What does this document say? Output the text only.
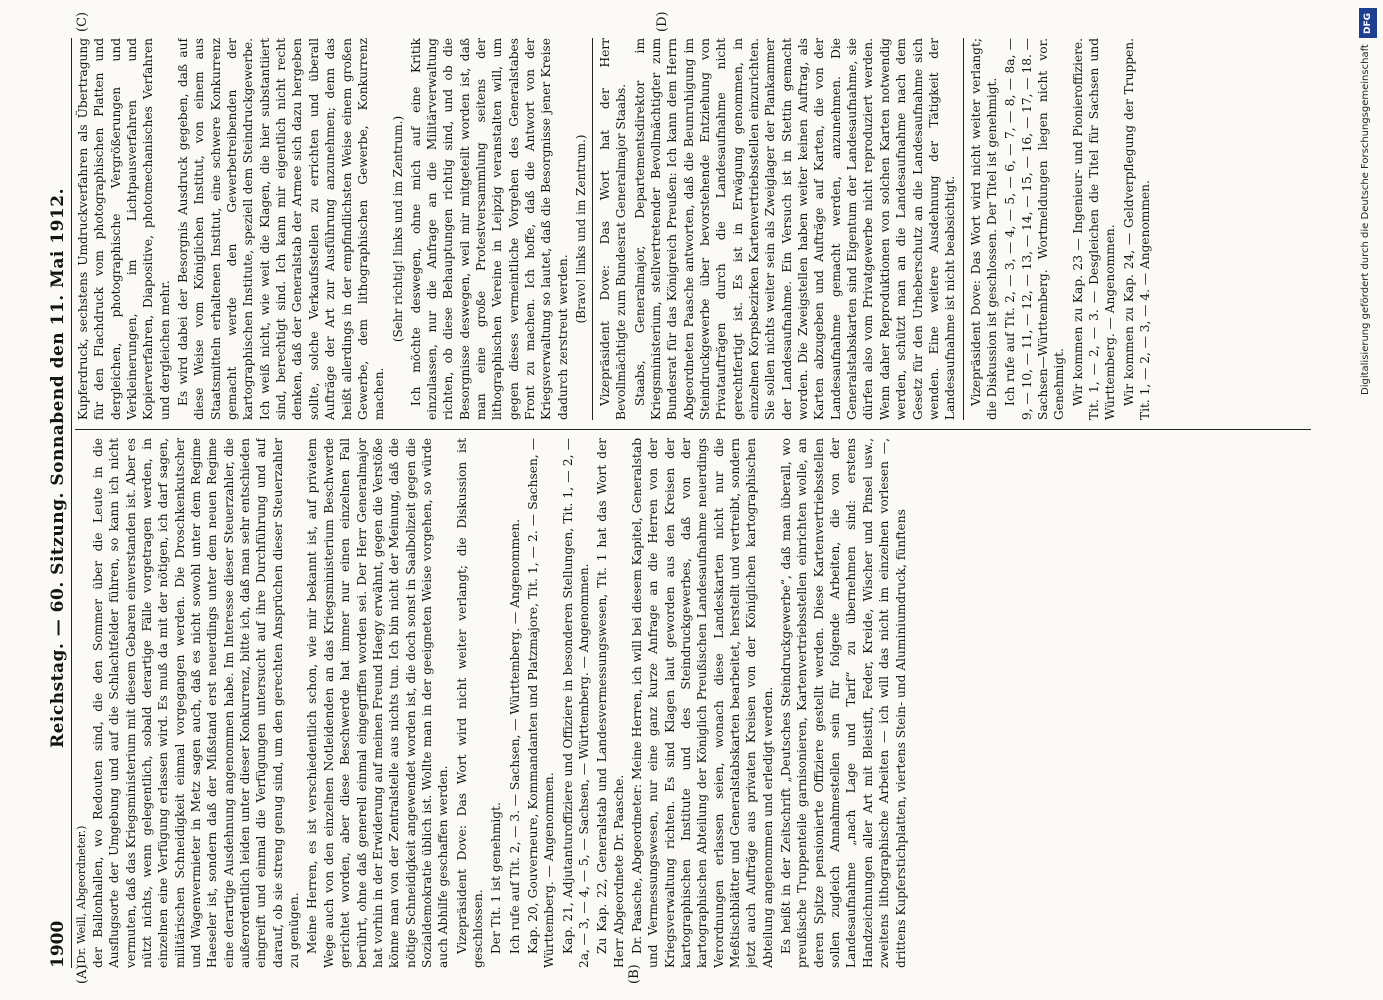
1900
Reichstag. — 60. Sitzung. Sonnabend den 11. Mai 1912.
(A)	(B)
(C)	(D)
(Dr. Weill, Abgeordneter.) der Ballonhallen, wo Redouten sind, die den Sommer über die Leute in die Ausflugsorte der Umgebung und auf die Schlachtfelder führen, so kann ich nicht vermuten, daß das Kriegsministerium mit diesem Gebaren einverstanden ist. Aber es nützt nichts, wenn gelegentlich, sobald derartige Fälle vorgetragen werden, in einzelnen eine Verfügung erlassen wird. Es muß da mit der nötigen, ich darf sagen, militärischen Schneidigkeit einmal vorgegangen werden. Die Droschkenkutscher und Wagenvermieter in Metz sagen auch, daß es nicht sowohl unter dem Regime Haeseler ist, sondern daß der Mißstand erst neuerdings unter dem neuen Regime eine derartige Ausdehnung angenommen habe. Im Interesse dieser Steuerzahler, die außerordentlich leiden unter dieser Konkurrenz, bitte ich, daß man sehr entschieden eingreift und einmal die Verfügungen untersucht auf ihre Durchführung und auf darauf, ob sie streng genug sind, um den gerechten Ansprüchen dieser Steuerzahler zu genügen. Meine Herren, es ist verschiedentlich schon, wie mir bekannt ist, auf privatem Wege auch von den einzelnen Notleidenden an das Kriegsministerium Beschwerde gerichtet worden, aber diese Beschwerde hat immer nur einen einzelnen Fall berührt, ohne daß generell einmal eingegriffen worden sei. Der Herr Generalmajor hat vorhin in der Erwiderung auf meinen Freund Haegy erwähnt, gegen die Verstöße könne man von der Zentralstelle aus nichts tun. Ich bin nicht der Meinung, daß die nötige Schneidigkeit angewendet worden ist, die doch sonst in Saalbolizeit gegen die Sozialdemokratie üblich ist. Wollte man in der geeigneten Weise vorgehen, so würde auch Abhilfe geschaffen werden. Vizepräsident Dove: Das Wort wird nicht weiter verlangt; die Diskussion ist geschlossen. Der Tit. 1 ist genehmigt. Ich rufe auf Tit. 2, — 3. — Sachsen, — Württemberg. — Angenommen. Kap. 20, Gouverneure, Kommandanten und Platzmajore, Tit. 1, — 2. — Sachsen, — Württemberg. — Angenommen. Kap. 21, Adjutanturoffiziere und Offiziere in besonderen Stellungen, Tit. 1, — 2, — 2a, — 3, — 4, — 5, — Sachsen, — Württemberg. — Angenommen. Zu Kap. 22, Generalstab und Landesvermessungswesen, Tit. 1 hat das Wort der Herr Abgeordnete Dr. Paasche. Dr. Paasche, Abgeordneter: Meine Herren, ich will bei diesem Kapitel, Generalstab und Vermessungswesen, nur eine ganz kurze Anfrage an die Herren von der Kriegsverwaltung richten. Es sind Klagen laut geworden aus den Kreisen der kartographischen Institute und des Steindruckgewerbes, daß von der kartographischen Abteilung der Königlich Preußischen Landesaufnahme neuerdings Verordnungen erlassen seien, wonach diese Landeskarten nicht nur die Meßtischblätter und Generalstabskarten bearbeitet, herstellt und vertreibt, sondern jetzt auch Aufträge aus privaten Kreisen von der Königlichen kartographischen Abteilung angenommen und erledigt werden. Es heißt in der Zeitschrift „Deutsches Steindruckgewerbe“, daß man überall, wo preußische Truppenteile garnisonieren, Kartenvertriebsstellen einrichten wolle, an deren Spitze pensionierte Offiziere gestellt werden. Diese Kartenvertriebsstellen sollen zugleich Annahmestellen sein für folgende Arbeiten, die von der Landesaufnahme „nach Lage und Tarif“ zu übernehmen sind: erstens Handzeichnungen aller Art mit Bleistift, Feder, Kreide, Wischer und Pinsel usw., zweitens lithographische Arbeiten — ich will das nicht im einzelnen vorlesen —, drittens Kupferstichplatten, viertens Stein- und Aluminiumdruck, fünftens

Kupferdruck, sechstens Umdruckverfahren als Übertragung für den Flachdruck vom photographischen Platten und dergleichen, photographische Vergrößerungen und Verkleinerungen, im Lichtpausverfahren und Kopierverfahren, Diapositive, photomechanisches Verfahren und dergleichen mehr. Es wird dabei der Besorgnis Ausdruck gegeben, daß auf diese Weise vom Königlichen Institut, von einem aus Staatsmitteln erhaltenen Institut, eine schwere Konkurrenz gemacht werde den Gewerbetreibenden der kartographischen Institute, speziell dem Steindruckgewerbe. Ich weiß nicht, wie weit die Klagen, die hier substantiiert sind, berechtigt sind. Ich kann mir eigentlich nicht recht denken, daß der Generalstab der Armee sich dazu hergeben sollte, solche Verkaufsstellen zu errichten und überall Aufträge der Art zur Ausführung anzunehmen; denn das heißt allerdings in der empfindlichsten Weise einem großen Gewerbe, dem lithographischen Gewerbe, Konkurrenz machen.

(Sehr richtig! links und im Zentrum.) Ich möchte deswegen, ohne mich auf eine Kritik einzulassen, nur die Anfrage an die Militärverwaltung richten, ob diese Behauptungen richtig sind, und ob die Besorgnisse deswegen, weil mir mitgeteilt worden ist, daß man eine große Protestversammlung seitens der lithographischen Vereine in Leipzig veranstalten will, um gegen dieses vermeintliche Vorgehen des Generalstabes Front zu machen. Ich hoffe, daß die Antwort von der Kriegsverwaltung so lautet, daß die Besorgnisse jener Kreise dadurch zerstreut werden.

(Bravo! links und im Zentrum.) Vizepräsident Dove: Das Wort hat der Herr Bevollmächtigte zum Bundesrat Generalmajor Staabs. Staabs, Generalmajor, Departementsdirektor im Kriegsministerium, stellvertretender Bevollmächtigter zum Bundesrat für das Königreich Preußen: Ich kann dem Herrn Abgeordneten Paasche antworten, daß die Beunruhigung im Steindruckgewerbe über bevorstehende Entziehung von Privataufträgen durch die Landesaufnahme nicht gerechtfertigt ist. Es ist in Erwägung genommen, in einzelnen Korpsbezirken Kartenvertriebsstellen einzurichten. Sie sollen nichts weiter sein als Zweiglager der Plankammer der Landesaufnahme. Ein Versuch ist in Stettin gemacht worden. Die Zweigstellen haben weiter keinen Auftrag, als Karten abzugeben und Aufträge auf Karten, die von der Landesaufnahme gemacht werden, anzunehmen. Die Generalstabskarten sind Eigentum der Landesaufnahme, sie dürfen also vom Privatgewerbe nicht reproduziert werden. Wenn daher Reproduktionen von solchen Karten notwendig werden, schützt man an die Landesaufnahme nach dem Gesetz für den Urheberschutz an die Landesaufnahme sich wenden. Eine weitere Ausdehnung der Tätigkeit der Landesaufnahme ist nicht beabsichtigt. Vizepräsident Dove: Das Wort wird nicht weiter verlangt; die Diskussion ist geschlossen. Der Titel ist genehmigt. Ich rufe auf Tit. 2, — 3, — 4, — 5, — 6, — 7, — 8, — 8a, — 9, — 10, — 11, — 12, — 13, — 14, — 15, — 16, — 17, — 18. — Sachsen—Württemberg. Wortmeldungen liegen nicht vor. Genehmigt. Wir kommen zu Kap. 23 — Ingenieur- und Pionieroffiziere. Tit. 1, — 2, — 3. — Desgleichen die Titel für Sachsen und Württemberg. — Angenommen. Wir kommen zu Kap. 24, — Geldverpflegung der Truppen. Tit. 1, — 2, — 3, — 4. — Angenommen.

DFG
Digitalisierung gefördert durch die Deutsche Forschungsgemeinschaft
